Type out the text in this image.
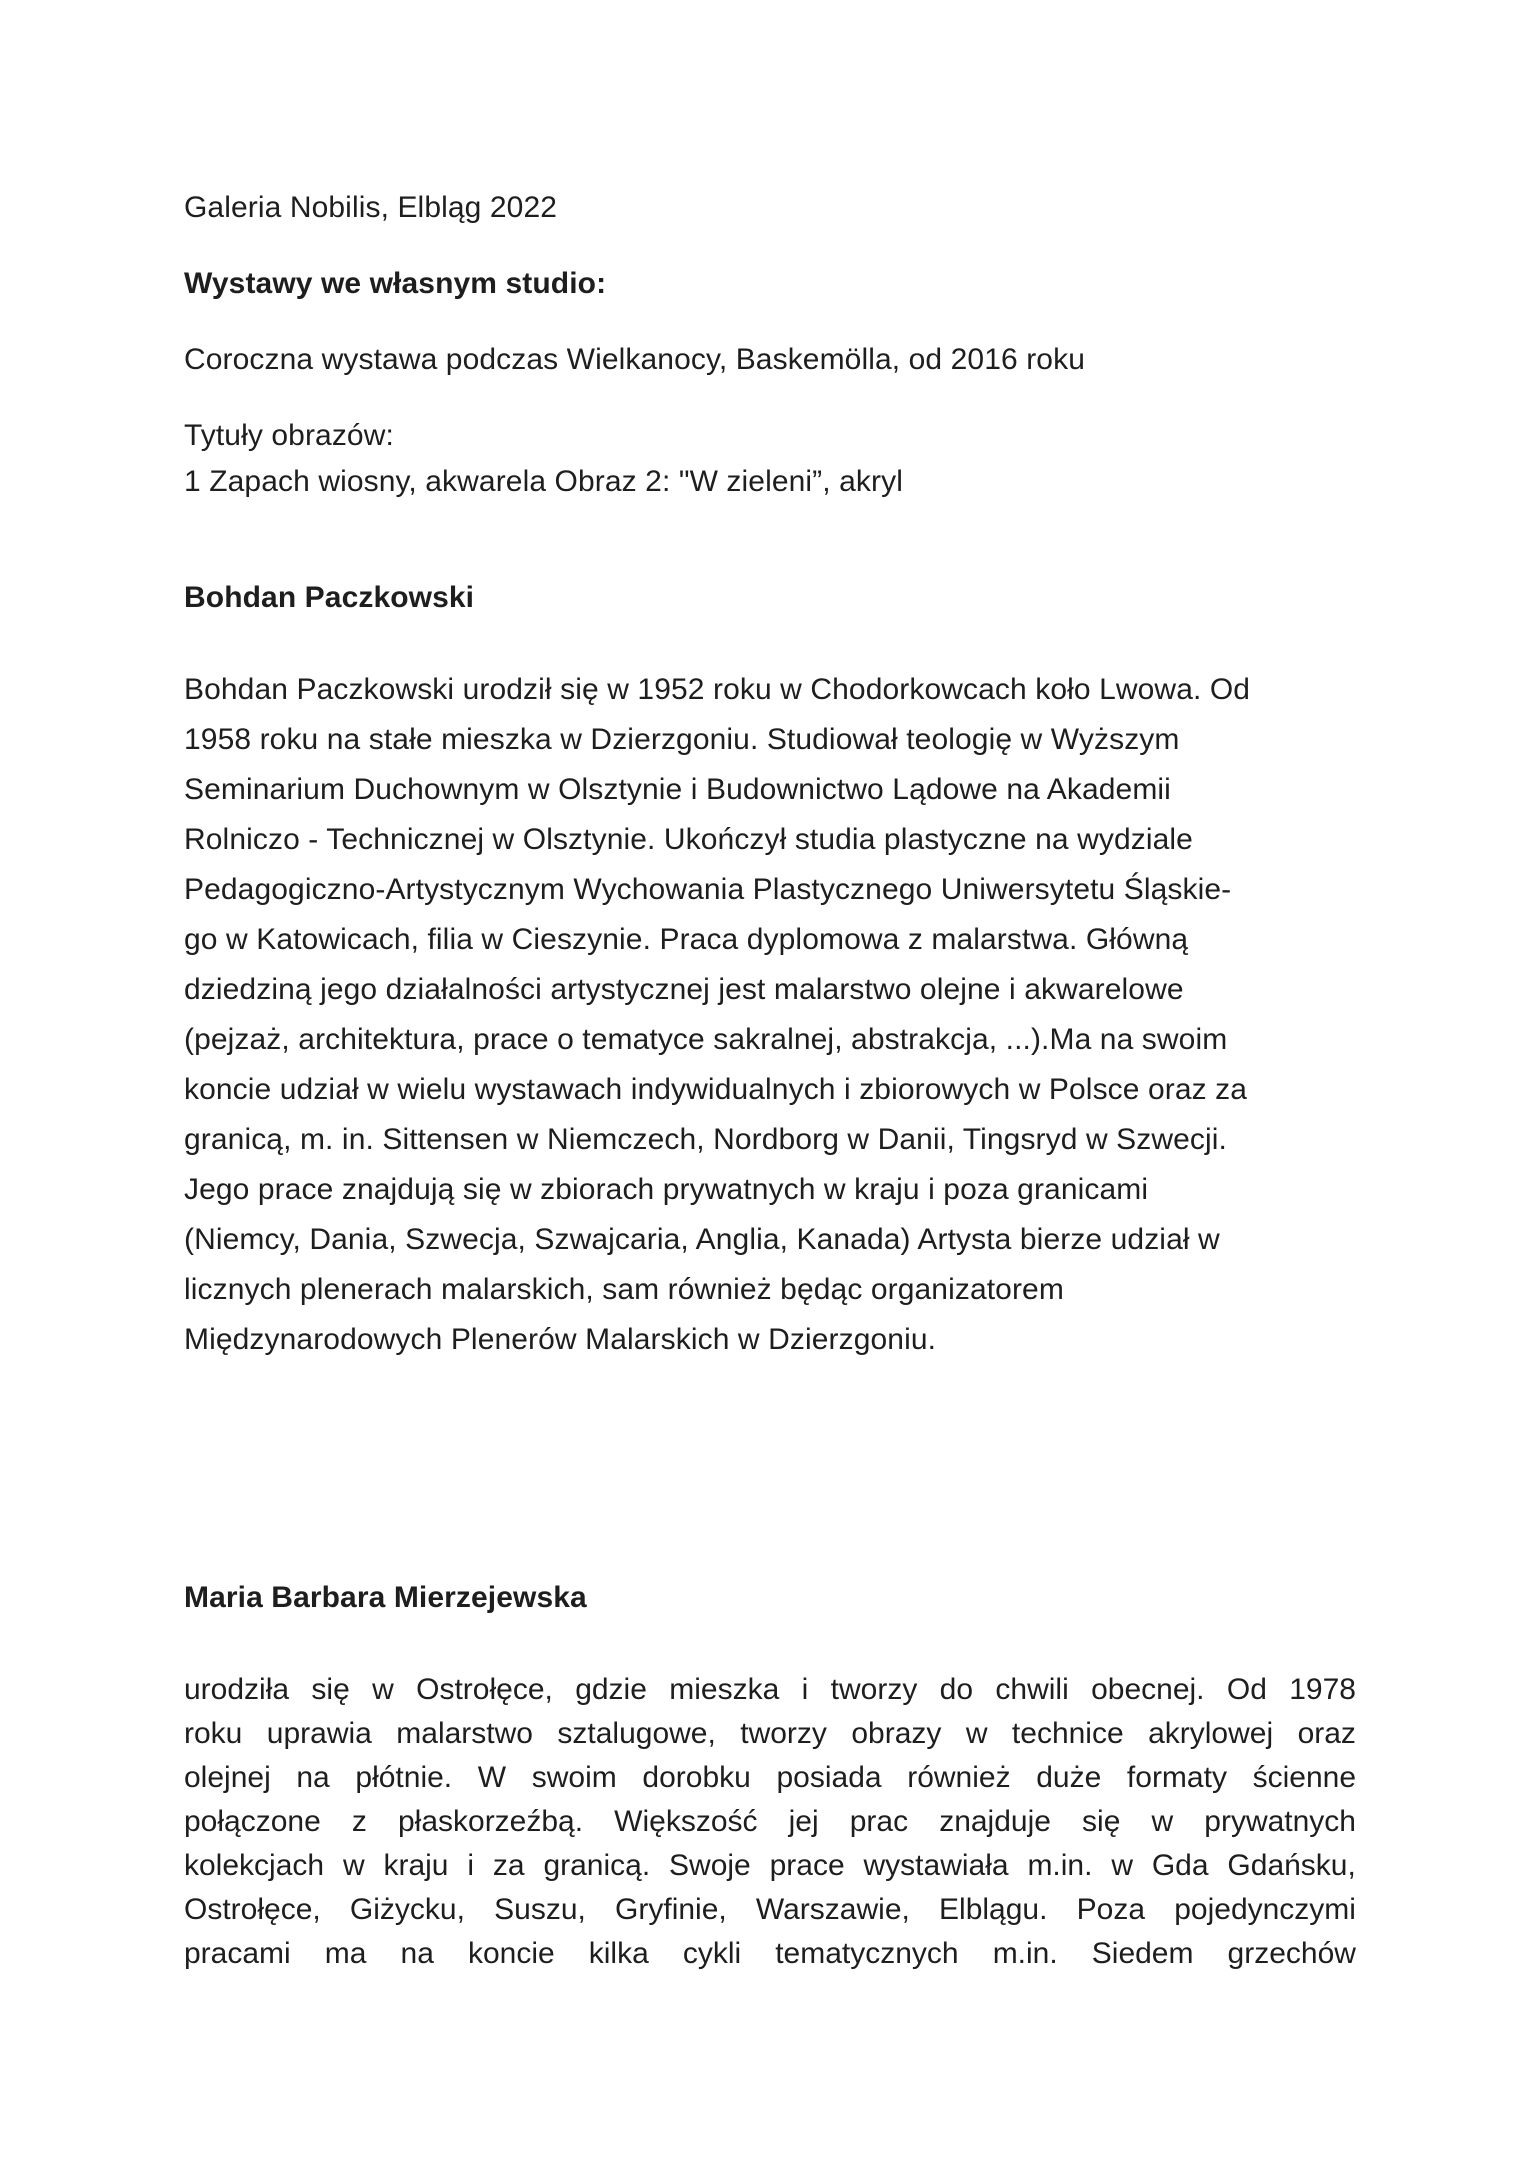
Galeria Nobilis, Elbląg 2022
Wystawy we własnym studio:
Coroczna wystawa podczas Wielkanocy, Baskemölla, od 2016 roku
Tytuły obrazów:
1 Zapach wiosny, akwarela Obraz 2: "W zieleni”, akryl
Bohdan Paczkowski
Bohdan Paczkowski urodził się w 1952 roku w Chodorkowcach koło Lwowa. Od
1958 roku na stałe mieszka w Dzierzgoniu. Studiował teologię w Wyższym
Seminarium Duchownym w Olsztynie i Budownictwo Lądowe na Akademii
Rolniczo - Technicznej w Olsztynie. Ukończył studia plastyczne na wydziale
Pedagogiczno-Artystycznym Wychowania Plastycznego Uniwersytetu Śląskie-
go w Katowicach, filia w Cieszynie. Praca dyplomowa z malarstwa. Główną
dziedziną jego działalności artystycznej jest malarstwo olejne i akwarelowe
(pejzaż, architektura, prace o tematyce sakralnej, abstrakcja, ...).Ma na swoim
koncie udział w wielu wystawach indywidualnych i zbiorowych w Polsce oraz za
granicą, m. in. Sittensen w Niemczech, Nordborg w Danii, Tingsryd w Szwecji.
Jego prace znajdują się w zbiorach prywatnych w kraju i poza granicami
(Niemcy, Dania, Szwecja, Szwajcaria, Anglia, Kanada) Artysta bierze udział w
licznych plenerach malarskich, sam również będąc organizatorem
Międzynarodowych Plenerów Malarskich w Dzierzgoniu.
Maria Barbara Mierzejewska
urodziła się w Ostrołęce, gdzie mieszka i tworzy do chwili obecnej. Od 1978
roku uprawia malarstwo sztalugowe, tworzy obrazy w technice akrylowej oraz
olejnej na płótnie. W swoim dorobku posiada również duże formaty ścienne
połączone z płaskorzeźbą. Większość jej prac znajduje się w prywatnych
kolekcjach w kraju i za granicą. Swoje prace wystawiała m.in. w Gda Gdańsku,
Ostrołęce, Giżycku, Suszu, Gryfinie, Warszawie, Elblągu. Poza pojedynczymi
pracami ma na koncie kilka cykli tematycznych m.in. Siedem grzechów
